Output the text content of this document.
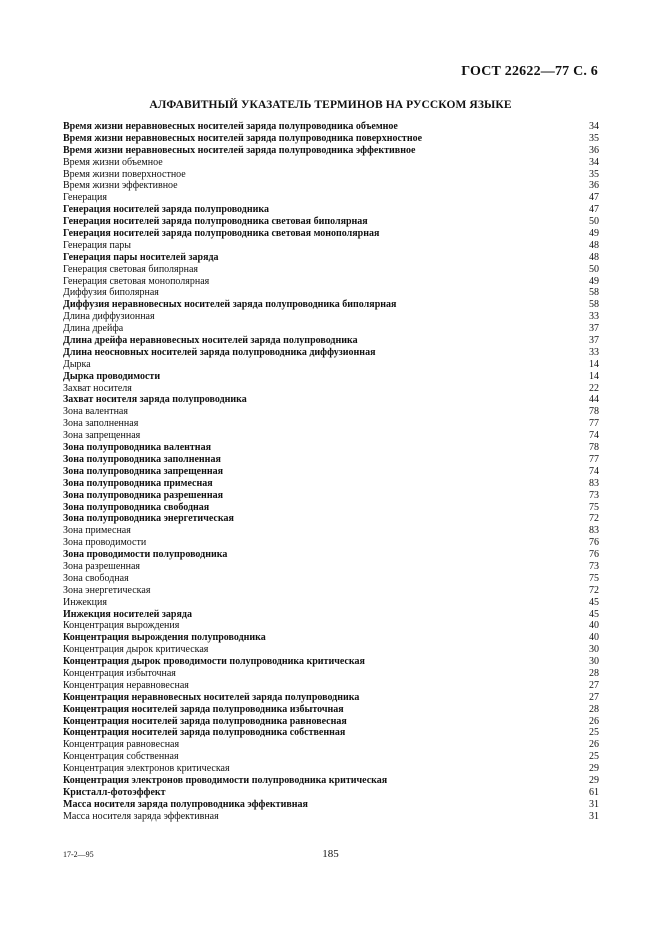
ГОСТ 22622—77 С. 6
АЛФАВИТНЫЙ УКАЗАТЕЛЬ ТЕРМИНОВ НА РУССКОМ ЯЗЫКЕ
Время жизни неравновесных носителей заряда полупроводника объемное	34
Время жизни неравновесных носителей заряда полупроводника поверхностное	35
Время жизни неравновесных носителей заряда полупроводника эффективное	36
Время жизни объемное	34
Время жизни поверхностное	35
Время жизни эффективное	36
Генерация	47
Генерация носителей заряда полупроводника	47
Генерация носителей заряда полупроводника световая биполярная	50
Генерация носителей заряда полупроводника световая монополярная	49
Генерация пары	48
Генерация пары носителей заряда	48
Генерация световая биполярная	50
Генерация световая монополярная	49
Диффузия биполярная	58
Диффузия неравновесных носителей заряда полупроводника биполярная	58
Длина диффузионная	33
Длина дрейфа	37
Длина дрейфа неравновесных носителей заряда полупроводника	37
Длина неосновных носителей заряда полупроводника диффузионная	33
Дырка	14
Дырка проводимости	14
Захват носителя	22
Захват носителя заряда полупроводника	44
Зона валентная	78
Зона заполненная	77
Зона запрещенная	74
Зона полупроводника валентная	78
Зона полупроводника заполненная	77
Зона полупроводника запрещенная	74
Зона полупроводника примесная	83
Зона полупроводника разрешенная	73
Зона полупроводника свободная	75
Зона полупроводника энергетическая	72
Зона примесная	83
Зона проводимости	76
Зона проводимости полупроводника	76
Зона разрешенная	73
Зона свободная	75
Зона энергетическая	72
Инжекция	45
Инжекция носителей заряда	45
Концентрация вырождения	40
Концентрация вырождения полупроводника	40
Концентрация дырок критическая	30
Концентрация дырок проводимости полупроводника критическая	30
Концентрация избыточная	28
Концентрация неравновесная	27
Концентрация неравновесных носителей заряда полупроводника	27
Концентрация носителей заряда полупроводника избыточная	28
Концентрация носителей заряда полупроводника равновесная	26
Концентрация носителей заряда полупроводника собственная	25
Концентрация равновесная	26
Концентрация собственная	25
Концентрация электронов критическая	29
Концентрация электронов проводимости полупроводника критическая	29
Кристалл-фотоэффект	61
Масса носителя заряда полупроводника эффективная	31
Масса носителя заряда эффективная	31
17-2—95	185
